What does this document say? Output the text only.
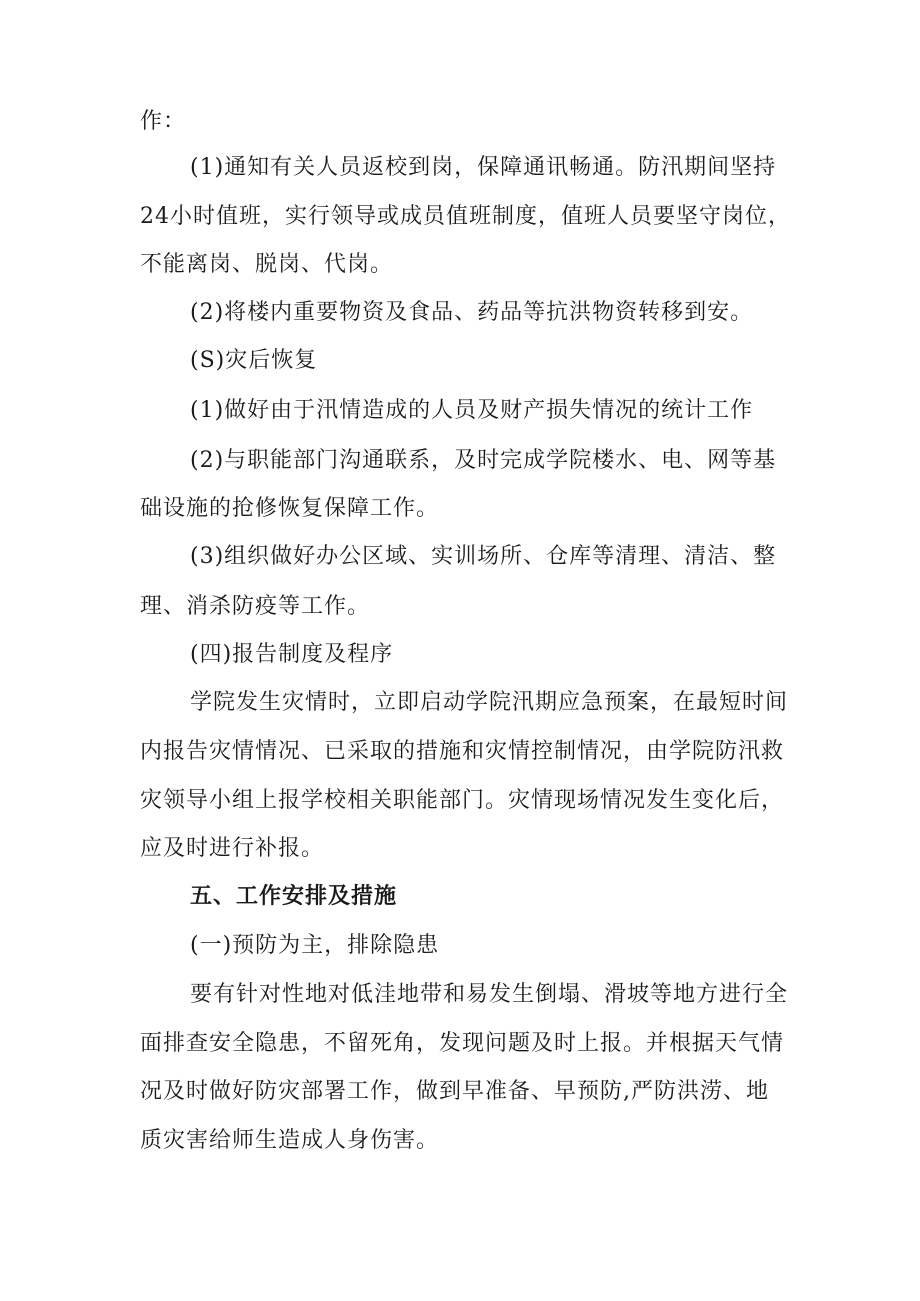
作：
(1)通知有关人员返校到岗，保障通讯畅通。防汛期间坚持
24小时值班，实行领导或成员值班制度，值班人员要坚守岗位，
不能离岗、脱岗、代岗。
(2)将楼内重要物资及食品、药品等抗洪物资转移到安。
(S)灾后恢复
(1)做好由于汛情造成的人员及财产损失情况的统计工作
(2)与职能部门沟通联系，及时完成学院楼水、电、网等基
础设施的抢修恢复保障工作。
(3)组织做好办公区域、实训场所、仓库等清理、清洁、整
理、消杀防疫等工作。
(四)报告制度及程序
学院发生灾情时，立即启动学院汛期应急预案，在最短时间
内报告灾情情况、已采取的措施和灾情控制情况，由学院防汛救
灾领导小组上报学校相关职能部门。灾情现场情况发生变化后，
应及时进行补报。
五、工作安排及措施
(一)预防为主，排除隐患
要有针对性地对低洼地带和易发生倒塌、滑坡等地方进行全
面排查安全隐患，不留死角，发现问题及时上报。并根据天气情
况及时做好防灾部署工作，做到早准备、早预防,严防洪涝、地
质灾害给师生造成人身伤害。
